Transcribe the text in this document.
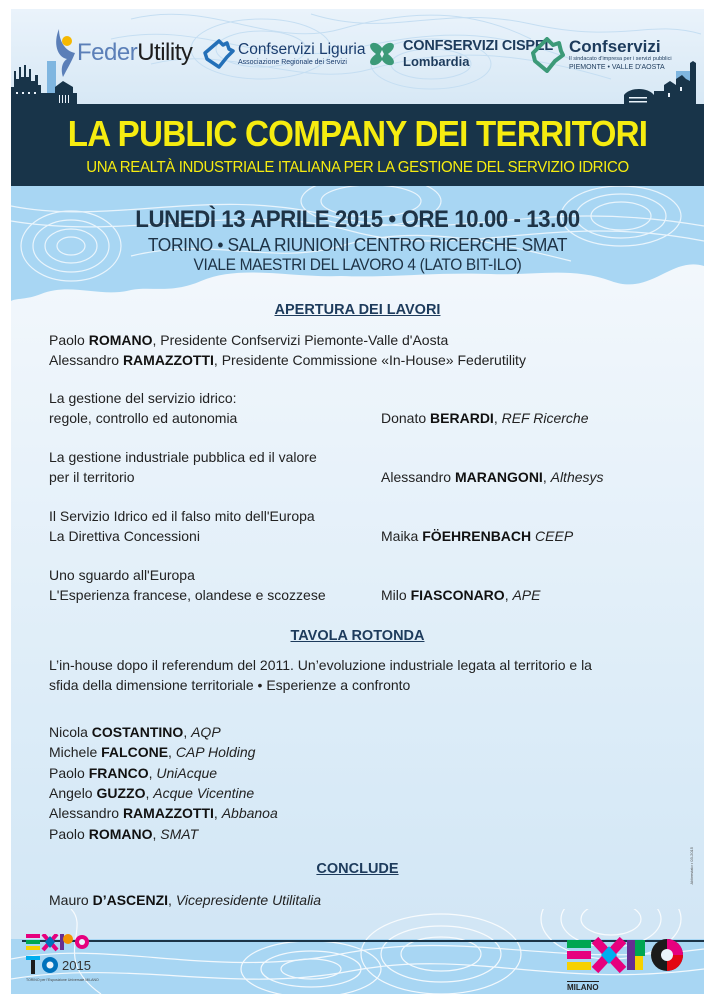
FederUtility	Confservizi Liguria
Associazione Regionale dei Servizi
CONFSERVIZI CISPEL
Lombardia
Confservizi
Il sindacato d'impresa per i servizi pubblici
PIEMONTE • VALLE D'AOSTA
LA PUBLIC COMPANY DEI TERRITORI
UNA REALTÀ INDUSTRIALE ITALIANA PER LA GESTIONE DEL SERVIZIO IDRICO
LUNEDÌ 13 APRILE 2015 • ORE 10.00 - 13.00
TORINO • SALA RIUNIONI CENTRO RICERCHE SMAT
VIALE MAESTRI DEL LAVORO 4 (LATO BIT-ILO)
APERTURA DEI LAVORI
Paolo ROMANO, Presidente Confservizi Piemonte-Valle d'Aosta
Alessandro RAMAZZOTTI, Presidente Commissione «In-House» Federutility
La gestione del servizio idrico:
regole, controllo ed autonomia	Donato BERARDI, REF Ricerche
La gestione industriale pubblica ed il valore
per il territorio	Alessandro MARANGONI, Althesys
Il Servizio Idrico ed il falso mito dell'Europa
La Direttiva Concessioni	Maika FÖEHRENBACH CEEP
Uno sguardo all'Europa
L'Esperienza francese, olandese e scozzese	Milo FIASCONARO, APE
TAVOLA ROTONDA
L’in-house dopo il referendum del 2011. Un’evoluzione industriale legata al territorio e la
sfida della dimensione territoriale • Esperienze a confronto
Nicola COSTANTINO, AQP
Michele FALCONE, CAP Holding
Paolo FRANCO, UniAcque
Angelo GUZZO, Acque Vicentine
Alessandro RAMAZZOTTI, Abbanoa
Paolo ROMANO, SMAT
CONCLUDE
Mauro D’ASCENZI, Vicepresidente Utilitalia
Abbreviato • 03-2015
2015
TORINO per l'Esposizione Universale MILANO
MILANO
